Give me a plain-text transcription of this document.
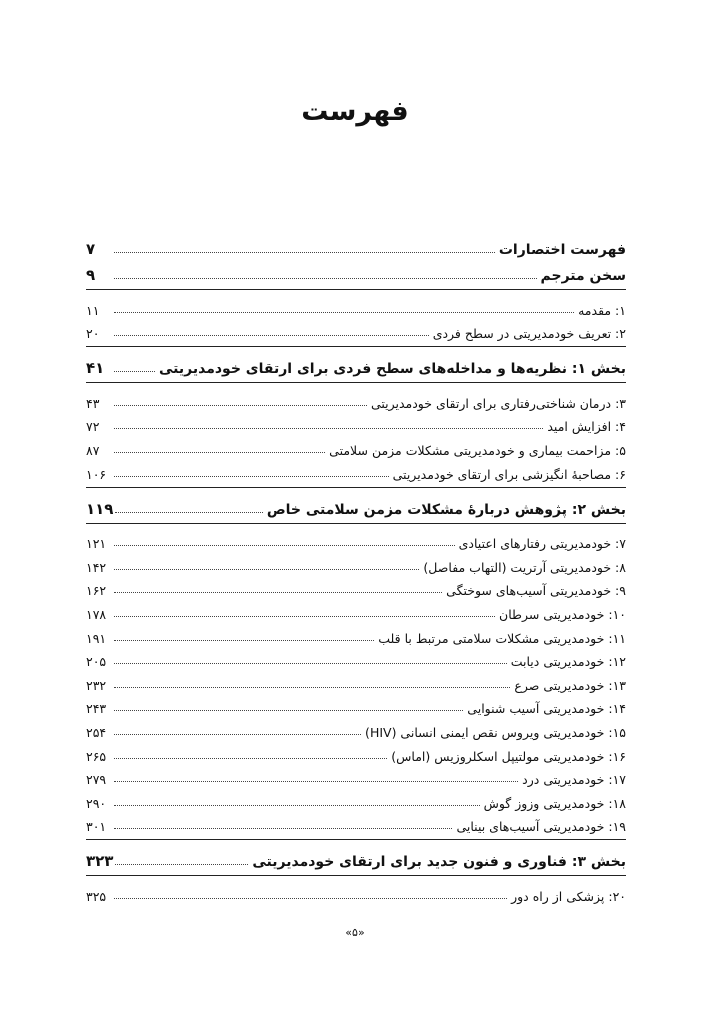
فهرست
فهرست اختصارات
۷
سخن مترجم
۹
۱: مقدمه
۱۱
۲: تعریف خودمدیریتی در سطح فردی
۲۰
بخش ۱: نظریه‌ها و مداخله‌های سطح فردی برای ارتقای خودمدیریتی
۴۱
۳: درمان شناختی‌رفتاری برای ارتقای خودمدیریتی
۴۳
۴: افزایش امید
۷۲
۵: مزاحمت بیماری و خودمدیریتی مشکلات مزمن سلامتی
۸۷
۶: مصاحبهٔ انگیزشی برای ارتقای خودمدیریتی
۱۰۶
بخش ۲: پژوهش دربارهٔ مشکلات مزمن سلامتی خاص
۱۱۹
۷: خودمدیریتی رفتارهای اعتیادی
۱۲۱
۸: خودمدیریتی آرتریت (التهاب مفاصل)
۱۴۲
۹: خودمدیریتی آسیب‌های سوختگی
۱۶۲
۱۰: خودمدیریتی سرطان
۱۷۸
۱۱: خودمدیریتی مشکلات سلامتی مرتبط با قلب
۱۹۱
۱۲: خودمدیریتی دیابت
۲۰۵
۱۳: خودمدیریتی صرع
۲۳۲
۱۴: خودمدیریتی آسیب شنوایی
۲۴۳
۱۵: خودمدیریتی ویروس نقص ایمنی انسانی (HIV)
۲۵۴
۱۶: خودمدیریتی مولتیپل اسکلروزیس (اماس)
۲۶۵
۱۷: خودمدیریتی درد
۲۷۹
۱۸: خودمدیریتی وزوز گوش
۲۹۰
۱۹: خودمدیریتی آسیب‌های بینایی
۳۰۱
بخش ۳: فناوری و فنون جدید برای ارتقای خودمدیریتی
۳۲۳
۲۰: پزشکی از راه دور
۳۲۵
«۵»
